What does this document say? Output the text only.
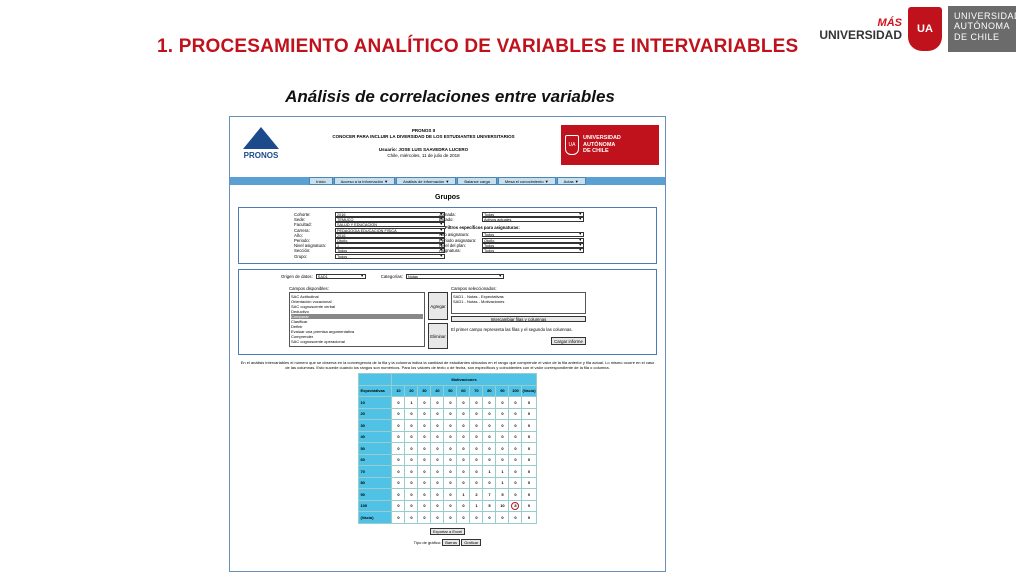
1. PROCESAMIENTO ANALÍTICO DE VARIABLES E INTERVARIABLES
MÁS
UNIVERSIDAD	UA
UNIVERSIDAD
AUTÓNOMA
DE CHILE
Análisis de correlaciones entre variables
PRONOS
PRONOS II
CONOCER PARA INCLUIR LA DIVERSIDAD DE LOS ESTUDIANTES UNIVERSITARIOS
Usuario: JOSE LUIS SAAVEDRA LUCERO
Chile, miércoles, 11 de julio de 2018
UA
UNIVERSIDAD
AUTÓNOMA
DE CHILE
Inicio	Acceso a la información ▼	Análisis de información ▼	Balance carga	Mesa el conocimiento ▼	Actas ▼
Grupos
Cohorte:	2016 ▼
Sede:	TEMUCO ▼
Facultad:	SALUD Y EDUCACION ▼
Carrera:	PEDAGOGIA EDUCACION FISICA ▼
Año:	2016 ▼
Periodo:	Otoño ▼
Nivel asignatura:	1 ▼
Sección:	Todos ▼
Grupo:	Todos ▼
Jornada:	Todas ▼
Estado:	Activos actuales ▼
Año asignatura:	Todos ▼
Periodo asignatura:	Otoño ▼
Nivel del plan:	Todos ▼
Asignatura:	Todos ▼
Filtros específicos para asignaturas:
Origen de datos:	SAD1 ▼	Categorías:	Notas ▼
Campos disponibles:
SAC Actitudinal
Orientación vocacional
SAC cognoscente verbal
Deductivo
Comparar
Clasificar
Definir
Evaluar una premisa argumentativa
Comprender
SAC cognoscente operacional
Agregar
Eliminar
Campos seleccionados:
SAD1 - Notas - Expectativas
SAD1 - Notas - Motivaciones
Intercambiar filas y columnas
El primer campo representa las filas y el segundo las columnas.
Cargar informe
En el análisis intervariables el número que se observa en la convergencia de la fila y la columna indica la cantidad de estudiantes ubicados en el rango que comprende el valor de la fila anterior y fila actual. Lo mismo ocurre en el caso de las columnas. Esto sucede cuando los rangos son numéricos. Para los valores de texto o de fecha, son específicos y coincidentes con el valor correspondiente de la fila o columna.
	Motivaciones										
Expectativas	10	20	30	40	50	60	70	80	90	100	(Vacío)
10	0	1	0	0	0	0	0	0	0	0	0
20	0	0	0	0	0	0	0	0	0	0	0
30	0	0	0	0	0	0	0	0	0	0	0
40	0	0	0	0	0	0	0	0	0	0	0
50	0	0	0	0	0	0	0	0	0	0	0
60	0	0	0	0	0	0	0	0	0	0	0
70	0	0	0	0	0	0	0	1	1	0	0
80	0	0	0	0	0	0	0	0	1	0	0
90	0	0	0	0	0	1	2	7	5	0	0
100	0	0	0	0	0	0	1	5	10	8	0
(Vacío)	0	0	0	0	0	0	0	0	0	0	0
Exportar a Excel
Tipo de gráfico: Barras Graficar
